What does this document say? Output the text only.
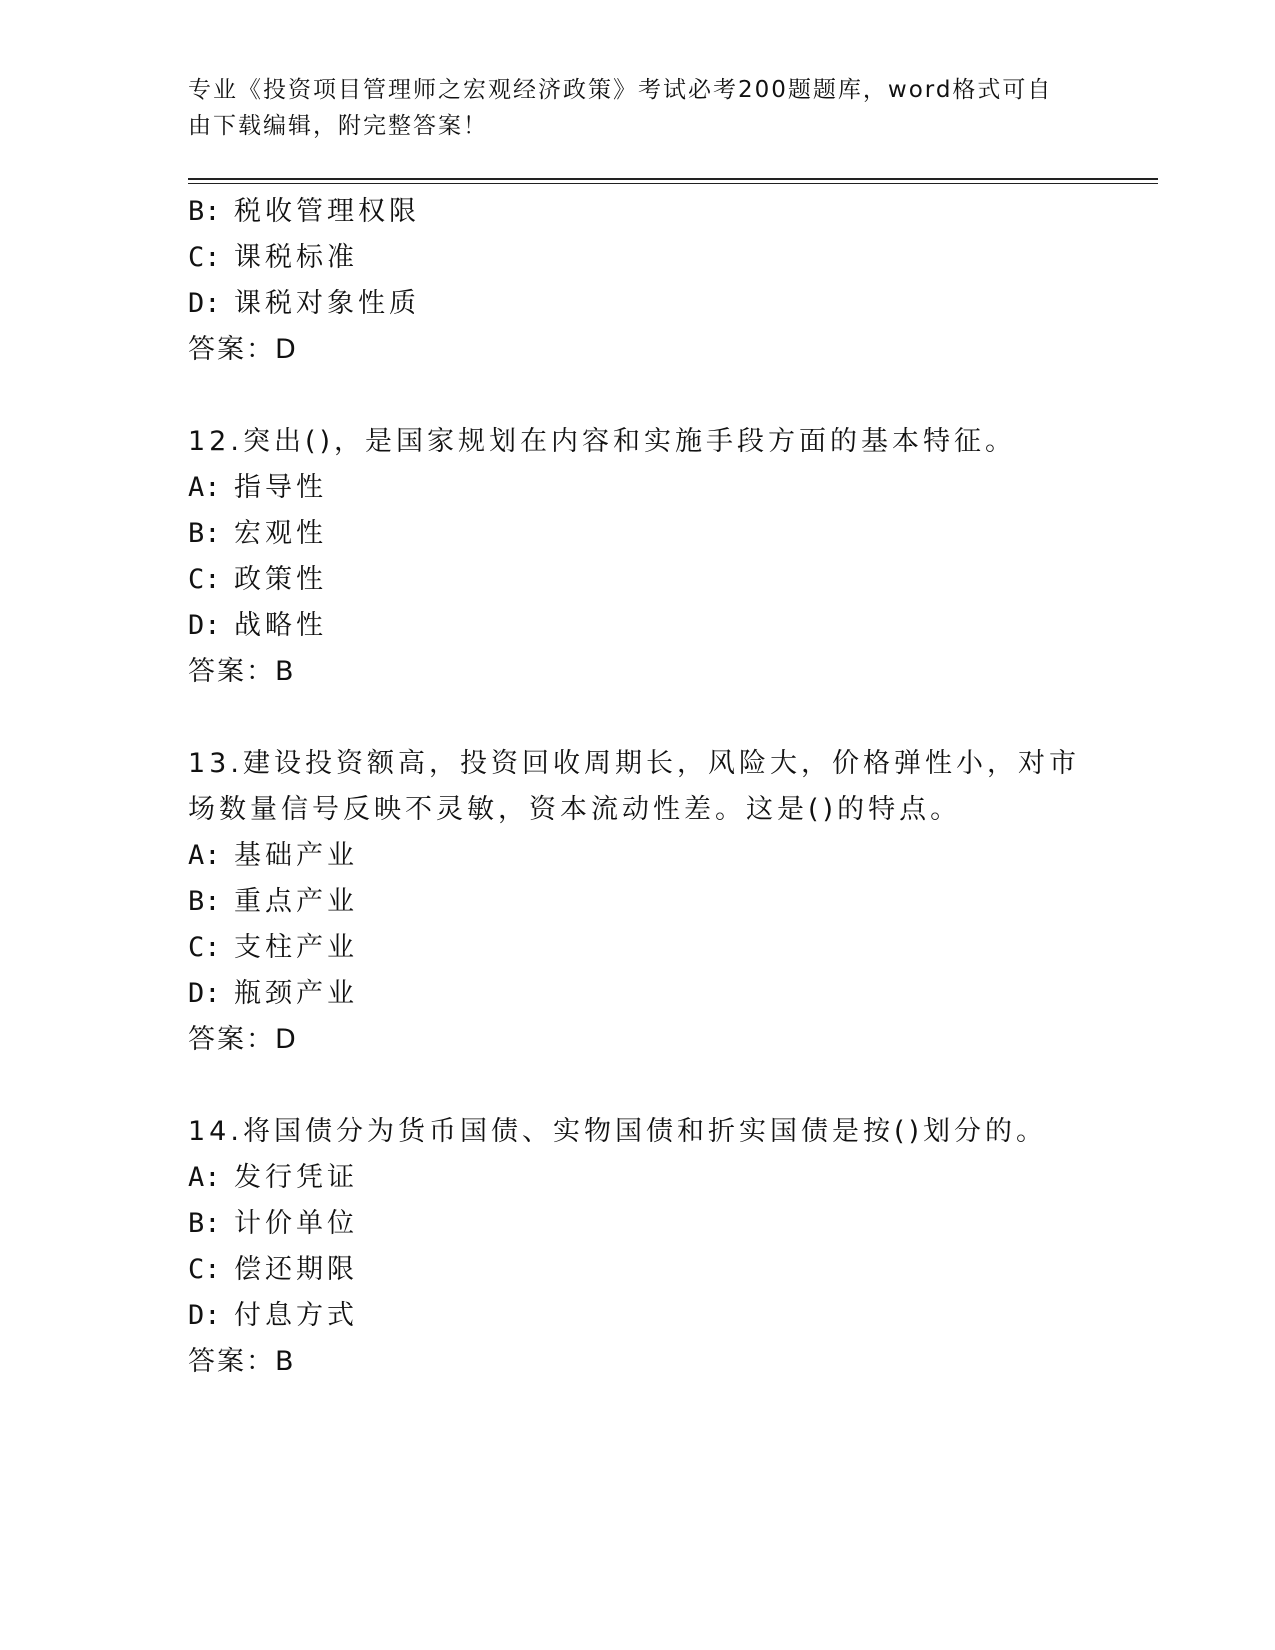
专业《投资项目管理师之宏观经济政策》考试必考200题题库，word格式可自由下载编辑，附完整答案！
B: 税收管理权限
C: 课税标准
D: 课税对象性质
答案：D
12.突出()，是国家规划在内容和实施手段方面的基本特征。
A: 指导性
B: 宏观性
C: 政策性
D: 战略性
答案：B
13.建设投资额高，投资回收周期长，风险大，价格弹性小，对市场数量信号反映不灵敏，资本流动性差。这是()的特点。
A: 基础产业
B: 重点产业
C: 支柱产业
D: 瓶颈产业
答案：D
14.将国债分为货币国债、实物国债和折实国债是按()划分的。
A: 发行凭证
B: 计价单位
C: 偿还期限
D: 付息方式
答案：B
